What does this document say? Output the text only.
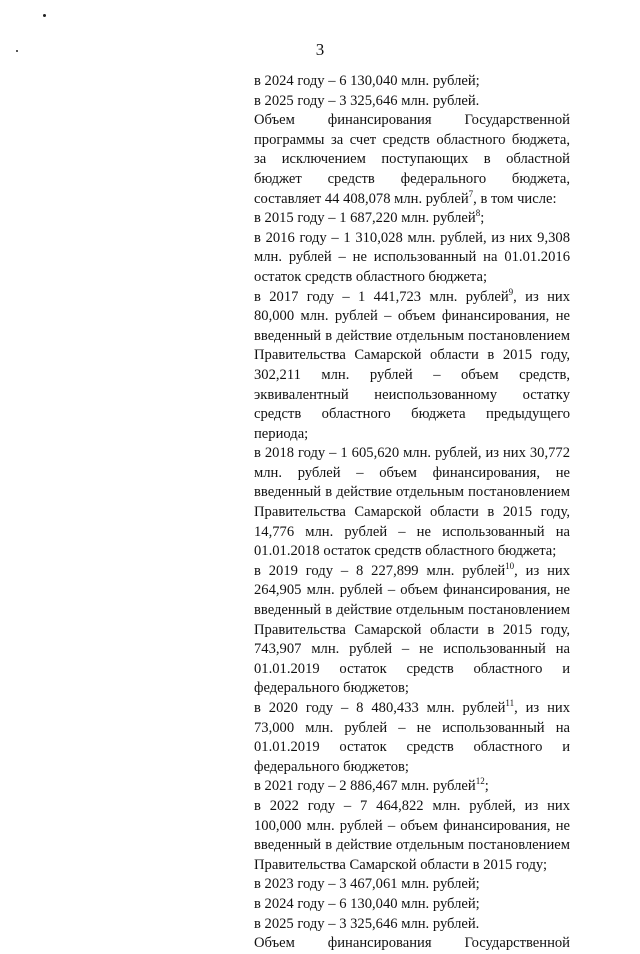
3
в 2024 году – 6 130,040 млн. рублей;
в 2025 году – 3 325,646 млн. рублей.
Объем финансирования Государственной программы за счет средств областного бюджета, за исключением поступающих в областной бюджет средств федерального бюджета, составляет 44 408,078 млн. рублей$^7$, в том числе:
в 2015 году – 1 687,220 млн. рублей$^8$;
в 2016 году – 1 310,028 млн. рублей, из них 9,308 млн. рублей – не использованный на 01.01.2016 остаток средств областного бюджета;
в 2017 году – 1 441,723 млн. рублей$^9$, из них 80,000 млн. рублей – объем финансирования, не введенный в действие отдельным постановлением Правительства Самарской области в 2015 году, 302,211 млн. рублей – объем средств, эквивалентный неиспользованному остатку средств областного бюджета предыдущего периода;
в 2018 году – 1 605,620 млн. рублей, из них 30,772 млн. рублей – объем финансирования, не введенный в действие отдельным постановлением Правительства Самарской области в 2015 году, 14,776 млн. рублей – не использованный на 01.01.2018 остаток средств областного бюджета;
в 2019 году – 8 227,899 млн. рублей$^{10}$, из них 264,905 млн. рублей – объем финансирования, не введенный в действие отдельным постановлением Правительства Самарской области в 2015 году, 743,907 млн. рублей – не использованный на 01.01.2019 остаток средств областного и федерального бюджетов;
в 2020 году – 8 480,433 млн. рублей$^{11}$, из них 73,000 млн. рублей – не использованный на 01.01.2019 остаток средств областного и федерального бюджетов;
в 2021 году – 2 886,467 млн. рублей$^{12}$;
в 2022 году – 7 464,822 млн. рублей, из них 100,000 млн. рублей – объем финансирования, не введенный в действие отдельным постановлением Правительства Самарской области в 2015 году;
в 2023 году – 3 467,061 млн. рублей;
в 2024 году – 6 130,040 млн. рублей;
в 2025 году – 3 325,646 млн. рублей.
Объем финансирования Государственной
